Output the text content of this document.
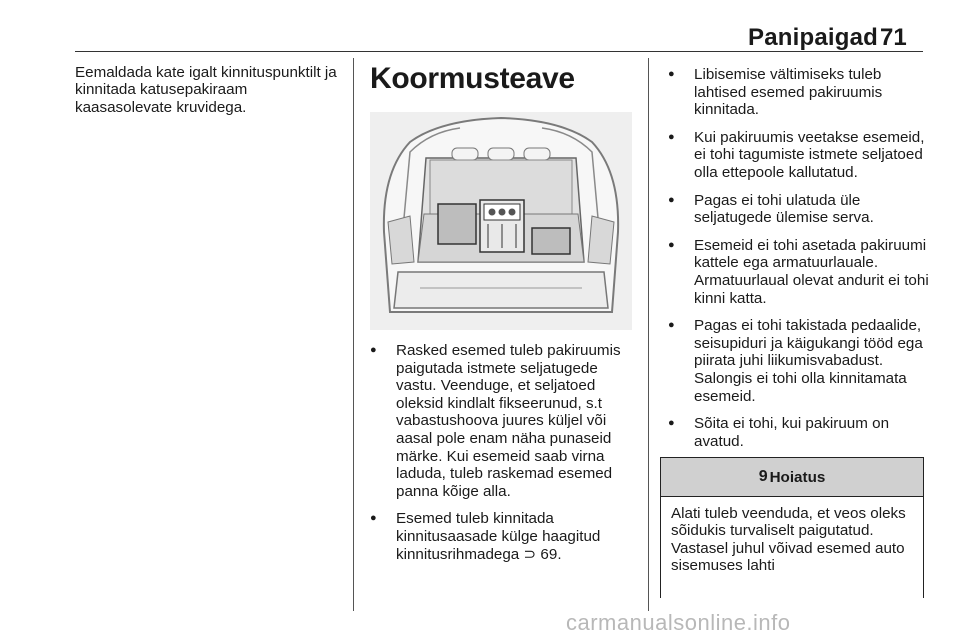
Panipaigad 71
Eemaldada kate igalt kinnituspunktilt ja kinnitada katusepakiraam kaasasolevate kruvidega.
Koormusteave
● Rasked esemed tuleb pakiruumis paigutada istmete seljatugede vastu. Veenduge, et seljatoed oleksid kindlalt fikseerunud, s.t vabastushoova juures küljel või aasal pole enam näha punaseid märke. Kui esemeid saab virna laduda, tuleb raskemad esemed panna kõige alla.
● Esemed tuleb kinnitada kinnitusaasade külge haagitud kinnitusrihmadega ⊃ 69.
● Libisemise vältimiseks tuleb lahtised esemed pakiruumis kinnitada.
● Kui pakiruumis veetakse esemeid, ei tohi tagumiste istmete seljatoed olla ettepoole kallutatud.
● Pagas ei tohi ulatuda üle seljatugede ülemise serva.
● Esemeid ei tohi asetada pakiruumi kattele ega armatuurlauale. Armatuurlaual olevat andurit ei tohi kinni katta.
● Pagas ei tohi takistada pedaalide, seisupiduri ja käigukangi tööd ega piirata juhi liikumisvabadust. Salongis ei tohi olla kinnitamata esemeid.
● Sõita ei tohi, kui pakiruum on avatud.
9 Hoiatus
Alati tuleb veenduda, et veos oleks sõidukis turvaliselt paigutatud. Vastasel juhul võivad esemed auto sisemuses lahti
carmanualsonline.info
